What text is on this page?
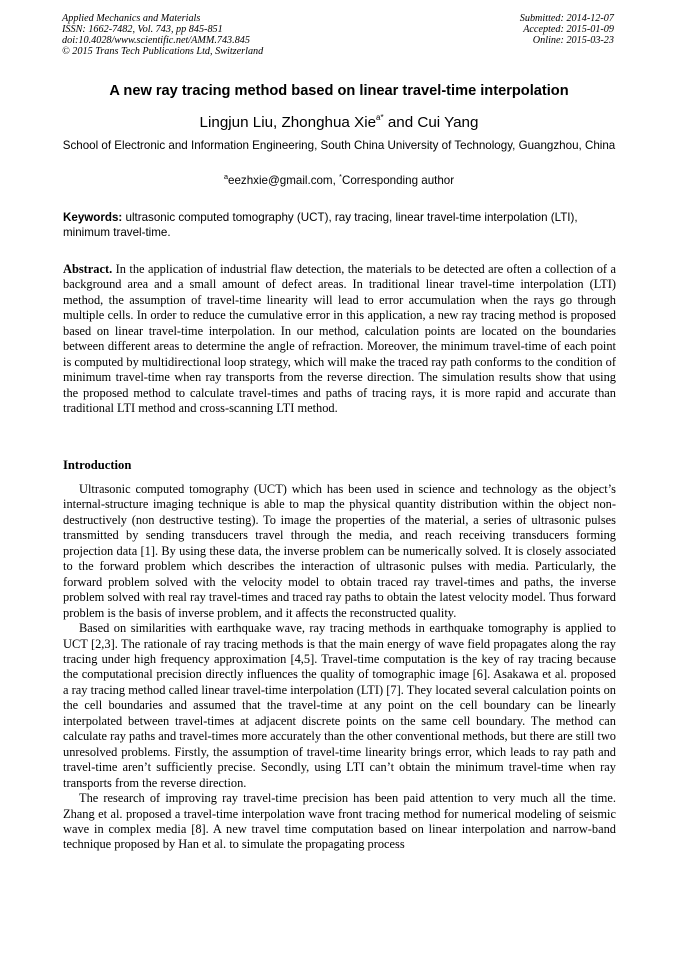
Applied Mechanics and Materials
ISSN: 1662-7482, Vol. 743, pp 845-851
doi:10.4028/www.scientific.net/AMM.743.845
© 2015 Trans Tech Publications Ltd, Switzerland
Submitted: 2014-12-07
Accepted: 2015-01-09
Online: 2015-03-23
A new ray tracing method based on linear travel-time interpolation
Lingjun Liu, Zhonghua Xie$^{a*}$ and Cui Yang
School of Electronic and Information Engineering, South China University of Technology, Guangzhou, China
$^a$eezhxie@gmail.com, *Corresponding author
Keywords: ultrasonic computed tomography (UCT), ray tracing, linear travel-time interpolation (LTI), minimum travel-time.
Abstract. In the application of industrial flaw detection, the materials to be detected are often a collection of a background area and a small amount of defect areas. In traditional linear travel-time interpolation (LTI) method, the assumption of travel-time linearity will lead to error accumulation when the rays go through multiple cells. In order to reduce the cumulative error in this application, a new ray tracing method is proposed based on linear travel-time interpolation. In our method, calculation points are located on the boundaries between different areas to determine the angle of refraction. Moreover, the minimum travel-time of each point is computed by multidirectional loop strategy, which will make the traced ray path conforms to the condition of minimum travel-time when ray transports from the reverse direction. The simulation results show that using the proposed method to calculate travel-times and paths of tracing rays, it is more rapid and accurate than traditional LTI method and cross-scanning LTI method.
Introduction

Ultrasonic computed tomography (UCT) which has been used in science and technology as the object’s internal-structure imaging technique is able to map the physical quantity distribution within the object non-destructively (non destructive testing). To image the properties of the material, a series of ultrasonic pulses transmitted by sending transducers travel through the media, and reach receiving transducers forming projection data [1]. By using these data, the inverse problem can be numerically solved. It is closely associated to the forward problem which describes the interaction of ultrasonic pulses with media. Particularly, the forward problem solved with the velocity model to obtain traced ray travel-times and paths, the inverse problem solved with real ray travel-times and traced ray paths to obtain the latest velocity model. Thus forward problem is the basis of inverse problem, and it affects the reconstructed quality.

Based on similarities with earthquake wave, ray tracing methods in earthquake tomography is applied to UCT [2,3]. The rationale of ray tracing methods is that the main energy of wave field propagates along the ray tracing under high frequency approximation [4,5]. Travel-time computation is the key of ray tracing because the computational precision directly influences the quality of tomographic image [6]. Asakawa et al. proposed a ray tracing method called linear travel-time interpolation (LTI) [7]. They located several calculation points on the cell boundaries and assumed that the travel-time at any point on the cell boundary can be linearly interpolated between travel-times at adjacent discrete points on the same cell boundary. The method can calculate ray paths and travel-times more accurately than the other conventional methods, but there are still two unresolved problems. Firstly, the assumption of travel-time linearity brings error, which leads to ray path and travel-time aren’t sufficiently precise. Secondly, using LTI can’t obtain the minimum travel-time when ray transports from the reverse direction.

The research of improving ray travel-time precision has been paid attention to very much all the time. Zhang et al. proposed a travel-time interpolation wave front tracing method for numerical modeling of seismic wave in complex media [8]. A new travel time computation based on linear interpolation and narrow-band technique proposed by Han et al. to simulate the propagating process
